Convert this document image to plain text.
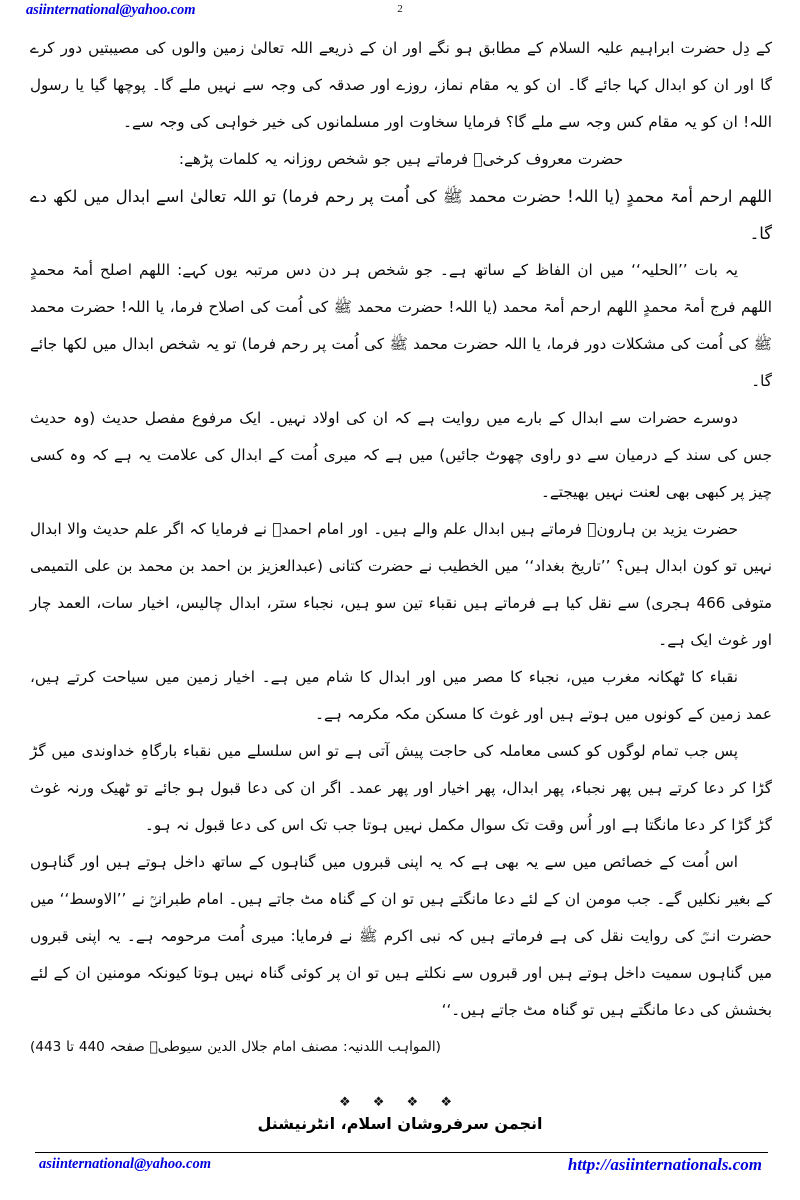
asiinternational@yahoo.com	2

کے دِل حضرت ابراہیم علیہ السلام کے مطابق ہو نگے اور ان کے ذریعے اللہ تعالیٰ زمین والوں کی مصیبتیں دور کرے گا اور ان کو ابدال کہا جائے گا۔ ان کو یہ مقام نماز، روزے اور صدقہ کی وجہ سے نہیں ملے گا۔ پوچھا گیا یا رسول اللہ! ان کو یہ مقام کس وجہ سے ملے گا؟ فرمایا سخاوت اور مسلمانوں کی خیر خواہی کی وجہ سے۔

حضرت معروف کرخیؒ فرماتے ہیں جو شخص روزانہ یہ کلمات پڑھے:

اللھم ارحم أمۃ محمدٍ (یا اللہ! حضرت محمد ﷺ کی اُمت پر رحم فرما) تو اللہ تعالیٰ اسے ابدال میں لکھ دے گا۔

یہ بات ’’الحلیہ‘‘ میں ان الفاظ کے ساتھ ہے۔ جو شخص ہر دن دس مرتبہ یوں کہے: اللھم اصلح أمۃ محمدٍ اللھم فرج أمۃ محمدٍ اللھم ارحم أمۃ محمد (یا اللہ! حضرت محمد ﷺ کی اُمت کی اصلاح فرما، یا اللہ! حضرت محمد ﷺ کی اُمت کی مشکلات دور فرما، یا اللہ حضرت محمد ﷺ کی اُمت پر رحم فرما) تو یہ شخص ابدال میں لکھا جائے گا۔

دوسرے حضرات سے ابدال کے بارے میں روایت ہے کہ ان کی اولاد نہیں۔ ایک مرفوع مفصل حدیث (وہ حدیث جس کی سند کے درمیان سے دو راوی چھوٹ جائیں) میں ہے کہ میری اُمت کے ابدال کی علامت یہ ہے کہ وہ کسی چیز پر کبھی بھی لعنت نہیں بھیجتے۔

حضرت یزید بن ہارونؒ فرماتے ہیں ابدال علم والے ہیں۔ اور امام احمدؒ نے فرمایا کہ اگر علم حدیث والا ابدال نہیں تو کون ابدال ہیں؟ ’’تاریخ بغداد‘‘ میں الخطیب نے حضرت کتانی (عبدالعزیز بن احمد بن محمد بن علی التمیمی متوفی 466 ہجری) سے نقل کیا ہے فرماتے ہیں نقباء تین سو ہیں، نجباء ستر، ابدال چالیس، اخیار سات، العمد چار اور غوث ایک ہے۔

نقباء کا ٹھکانہ مغرب میں، نجباء کا مصر میں اور ابدال کا شام میں ہے۔ اخیار زمین میں سیاحت کرتے ہیں، عمد زمین کے کونوں میں ہوتے ہیں اور غوث کا مسکن مکہ مکرمہ ہے۔

پس جب تمام لوگوں کو کسی معاملہ کی حاجت پیش آتی ہے تو اس سلسلے میں نقباء بارگاہِ خداوندی میں گڑ گڑا کر دعا کرتے ہیں پھر نجباء، پھر ابدال، پھر اخیار اور پھر عمد۔ اگر ان کی دعا قبول ہو جائے تو ٹھیک ورنہ غوث گڑ گڑا کر دعا مانگتا ہے اور اُس وقت تک سوال مکمل نہیں ہوتا جب تک اس کی دعا قبول نہ ہو۔

اس اُمت کے خصائص میں سے یہ بھی ہے کہ یہ اپنی قبروں میں گناہوں کے ساتھ داخل ہوتے ہیں اور گناہوں کے بغیر نکلیں گے۔ جب مومن ان کے لئے دعا مانگتے ہیں تو ان کے گناہ مٹ جاتے ہیں۔ امام طبرانیؒ نے ’’الاوسط‘‘ میں حضرت انسؓ کی روایت نقل کی ہے فرماتے ہیں کہ نبی اکرم ﷺ نے فرمایا: میری اُمت مرحومہ ہے۔ یہ اپنی قبروں میں گناہوں سمیت داخل ہوتے ہیں اور قبروں سے نکلتے ہیں تو ان پر کوئی گناہ نہیں ہوتا کیونکہ مومنین ان کے لئے بخشش کی دعا مانگتے ہیں تو گناہ مٹ جاتے ہیں۔‘‘

(المواہب اللدنیہ: مصنف امام جلال الدین سیوطیؒ صفحہ 440 تا 443)

❖ ❖ ❖ ❖
انجمن سرفروشان اسلام، انٹرنیشنل
asiinternational@yahoo.com	http://asiinternationals.com
